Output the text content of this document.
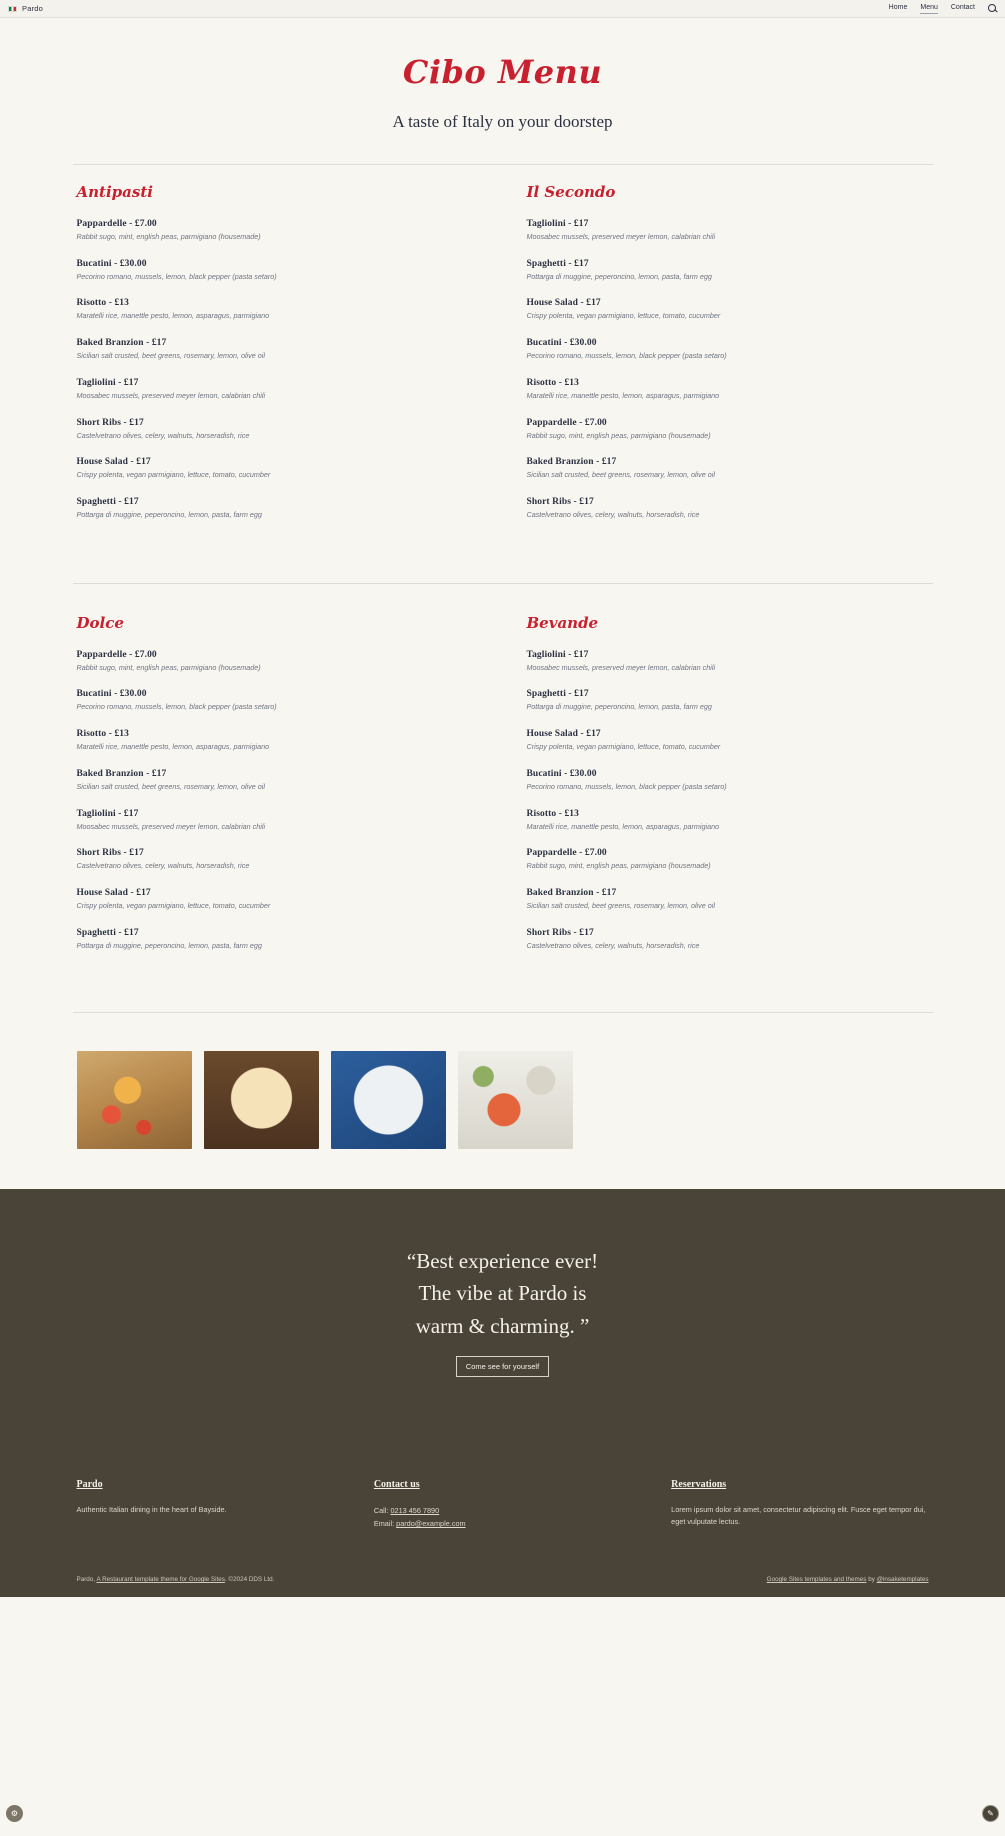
Pardo	Home Menu Contact
Cibo Menu
A taste of Italy on your doorstep
Antipasti

Pappardelle - £7.00

Rabbit sugo, mint, english peas, parmigiano (housemade)

Bucatini - £30.00

Pecorino romano, mussels, lemon, black pepper (pasta setaro)

Risotto - £13

Maratelli rice, manettle pesto, lemon, asparagus, parmigiano

Baked Branzion - £17

Sicilian salt crusted, beet greens, rosemary, lemon, olive oil

Tagliolini - £17

Moosabec mussels, preserved meyer lemon, calabrian chili

Short Ribs - £17

Castelvetrano olives, celery, walnuts, horseradish, rice

House Salad - £17

Crispy polenta, vegan parmigiano, lettuce, tomato, cucumber

Spaghetti - £17

Pottarga di muggine, peperoncino, lemon, pasta, farm egg

Il Secondo

Tagliolini - £17

Moosabec mussels, preserved meyer lemon, calabrian chili

Spaghetti - £17

Pottarga di muggine, peperoncino, lemon, pasta, farm egg

House Salad - £17

Crispy polenta, vegan parmigiano, lettuce, tomato, cucumber

Bucatini - £30.00

Pecorino romano, mussels, lemon, black pepper (pasta setaro)

Risotto - £13

Maratelli rice, manettle pesto, lemon, asparagus, parmigiano

Pappardelle - £7.00

Rabbit sugo, mint, english peas, parmigiano (housemade)

Baked Branzion - £17

Sicilian salt crusted, beet greens, rosemary, lemon, olive oil

Short Ribs - £17

Castelvetrano olives, celery, walnuts, horseradish, rice

Dolce

Pappardelle - £7.00

Rabbit sugo, mint, english peas, parmigiano (housemade)

Bucatini - £30.00

Pecorino romano, mussels, lemon, black pepper (pasta setaro)

Risotto - £13

Maratelli rice, manettle pesto, lemon, asparagus, parmigiano

Baked Branzion - £17

Sicilian salt crusted, beet greens, rosemary, lemon, olive oil

Tagliolini - £17

Moosabec mussels, preserved meyer lemon, calabrian chili

Short Ribs - £17

Castelvetrano olives, celery, walnuts, horseradish, rice

House Salad - £17

Crispy polenta, vegan parmigiano, lettuce, tomato, cucumber

Spaghetti - £17

Pottarga di muggine, peperoncino, lemon, pasta, farm egg

Bevande

Tagliolini - £17

Moosabec mussels, preserved meyer lemon, calabrian chili

Spaghetti - £17

Pottarga di muggine, peperoncino, lemon, pasta, farm egg

House Salad - £17

Crispy polenta, vegan parmigiano, lettuce, tomato, cucumber

Bucatini - £30.00

Pecorino romano, mussels, lemon, black pepper (pasta setaro)

Risotto - £13

Maratelli rice, manettle pesto, lemon, asparagus, parmigiano

Pappardelle - £7.00

Rabbit sugo, mint, english peas, parmigiano (housemade)

Baked Branzion - £17

Sicilian salt crusted, beet greens, rosemary, lemon, olive oil

Short Ribs - £17

Castelvetrano olives, celery, walnuts, horseradish, rice

“Best experience ever!
The vibe at Pardo is
warm & charming. ”
Come see for yourself
Pardo

Authentic Italian dining in the heart of Bayside.

Contact us

Call: 0213 456 7890

Email: pardo@example.com

Reservations

Lorem ipsum dolor sit amet, consectetur adipiscing elit. Fusce eget tempor dui, eget vulputate lectus.

Pardo, A Restaurant template theme for Google Sites. ©2024 DDS Ltd.	Google Sites templates and themes by @insaketemplates
⚙	✎
